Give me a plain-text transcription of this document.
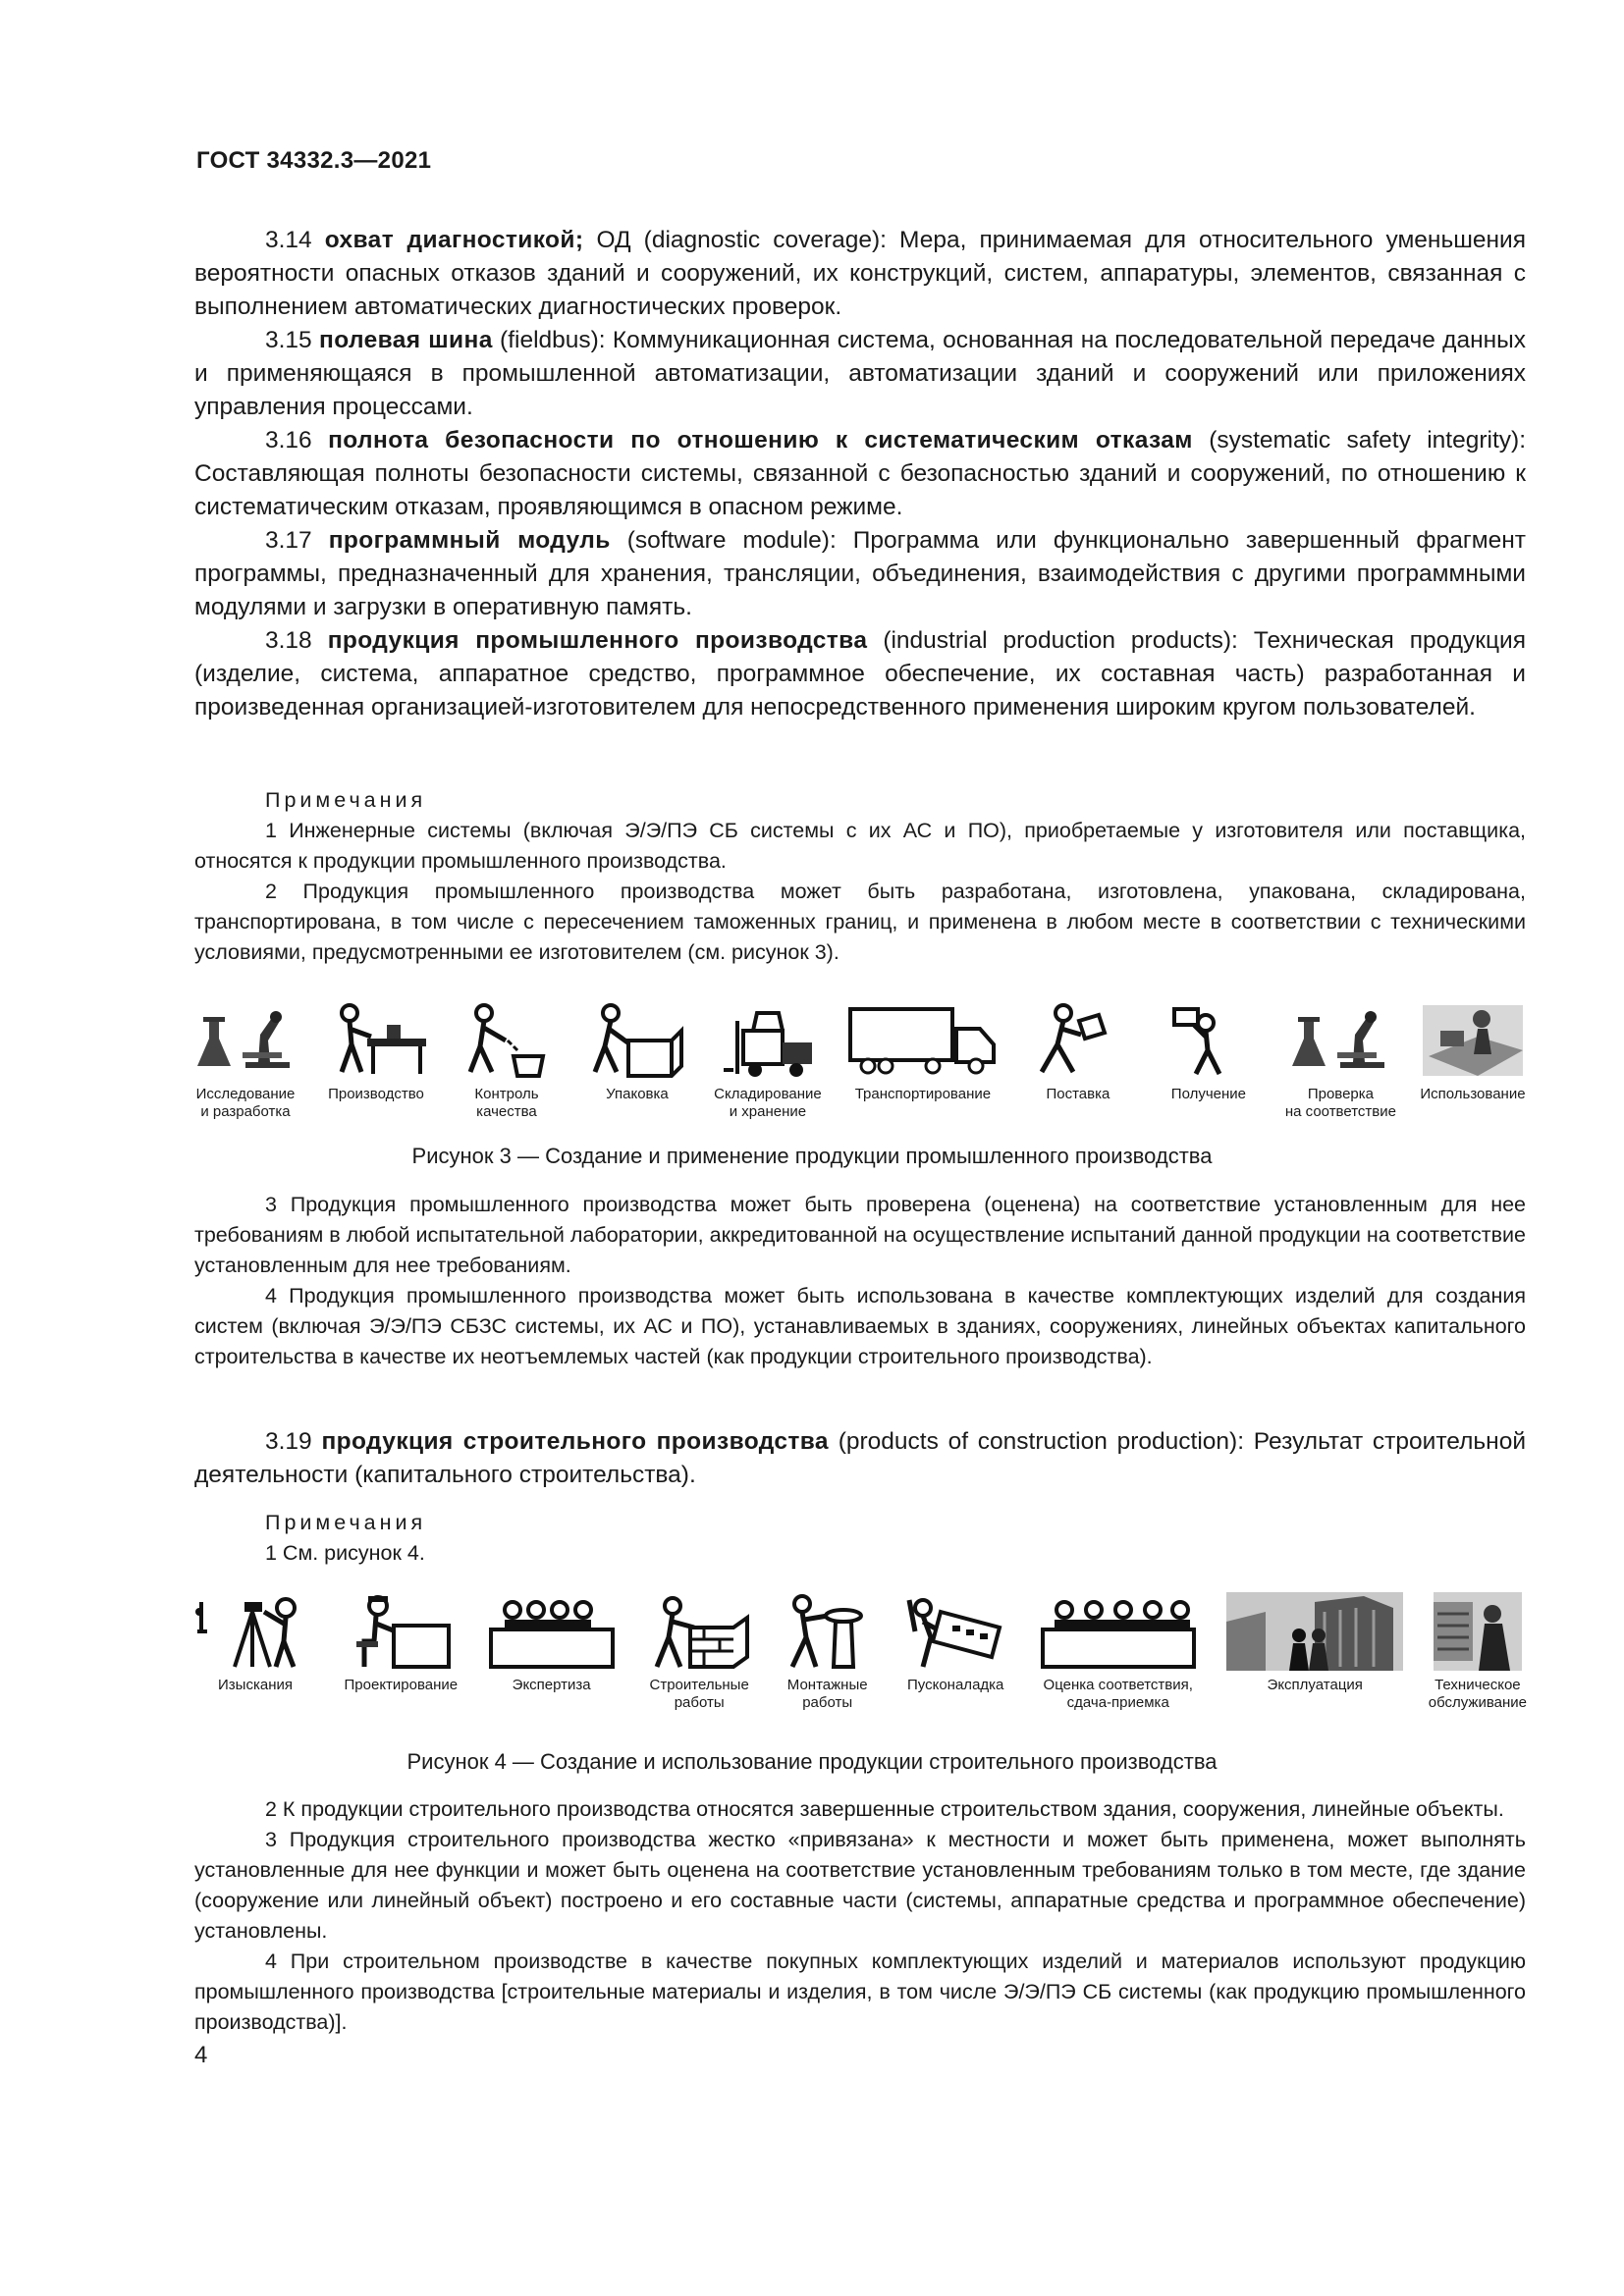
ГОСТ 34332.3—2021

3.14 охват диагностикой; ОД (diagnostic coverage): Мера, принимаемая для относительного уменьшения вероятности опасных отказов зданий и сооружений, их конструкций, систем, аппаратуры, элементов, связанная с выполнением автоматических диагностических проверок.

3.15 полевая шина (fieldbus): Коммуникационная система, основанная на последовательной передаче данных и применяющаяся в промышленной автоматизации, автоматизации зданий и сооружений или приложениях управления процессами.

3.16 полнота безопасности по отношению к систематическим отказам (systematic safety integrity): Составляющая полноты безопасности системы, связанной с безопасностью зданий и сооружений, по отношению к систематическим отказам, проявляющимся в опасном режиме.

3.17 программный модуль (software module): Программа или функционально завершенный фрагмент программы, предназначенный для хранения, трансляции, объединения, взаимодействия с другими программными модулями и загрузки в оперативную память.

3.18 продукция промышленного производства (industrial production products): Техническая продукция (изделие, система, аппаратное средство, программное обеспечение, их составная часть) разработанная и произведенная организацией-изготовителем для непосредственного применения широким кругом пользователей.

Примечания

1 Инженерные системы (включая Э/Э/ПЭ СБ системы с их АС и ПО), приобретаемые у изготовителя или поставщика, относятся к продукции промышленного производства.

2 Продукция промышленного производства может быть разработана, изготовлена, упакована, складирована, транспортирована, в том числе с пересечением таможенных границ, и применена в любом месте в соответствии с техническими условиями, предусмотренными ее изготовителем (см. рисунок 3).

Исследование
и разработка
Производство	Контроль
качества
Упаковка	Складирование
и хранение
Транспортирование	Поставка	Получение	Проверка
на соответствие
Использование
Рисунок 3 — Создание и применение продукции промышленного производства

3 Продукция промышленного производства может быть проверена (оценена) на соответствие установленным для нее требованиям в любой испытательной лаборатории, аккредитованной на осуществление испытаний данной продукции на соответствие установленным для нее требованиям.

4 Продукция промышленного производства может быть использована в качестве комплектующих изделий для создания систем (включая Э/Э/ПЭ СБЗС системы, их АС и ПО), устанавливаемых в зданиях, сооружениях, линейных объектах капитального строительства в качестве их неотъемлемых частей (как продукции строительного производства).

3.19 продукция строительного производства (products of construction production): Результат строительной деятельности (капитального строительства).

Примечания

1 См. рисунок 4.

Изыскания	Проектирование	Экспертиза	Строительные
работы
Монтажные
работы
Пусконаладка	Оценка соответствия,
сдача-приемка
Эксплуатация	Техническое
обслуживание
Рисунок 4 — Создание и использование продукции строительного производства

2 К продукции строительного производства относятся завершенные строительством здания, сооружения, линейные объекты.

3 Продукция строительного производства жестко «привязана» к местности и может быть применена, может выполнять установленные для нее функции и может быть оценена на соответствие установленным требованиям только в том месте, где здание (сооружение или линейный объект) построено и его составные части (системы, аппаратные средства и программное обеспечение) установлены.

4 При строительном производстве в качестве покупных комплектующих изделий и материалов используют продукцию промышленного производства [строительные материалы и изделия, в том числе Э/Э/ПЭ СБ системы (как продукцию промышленного производства)].

4
